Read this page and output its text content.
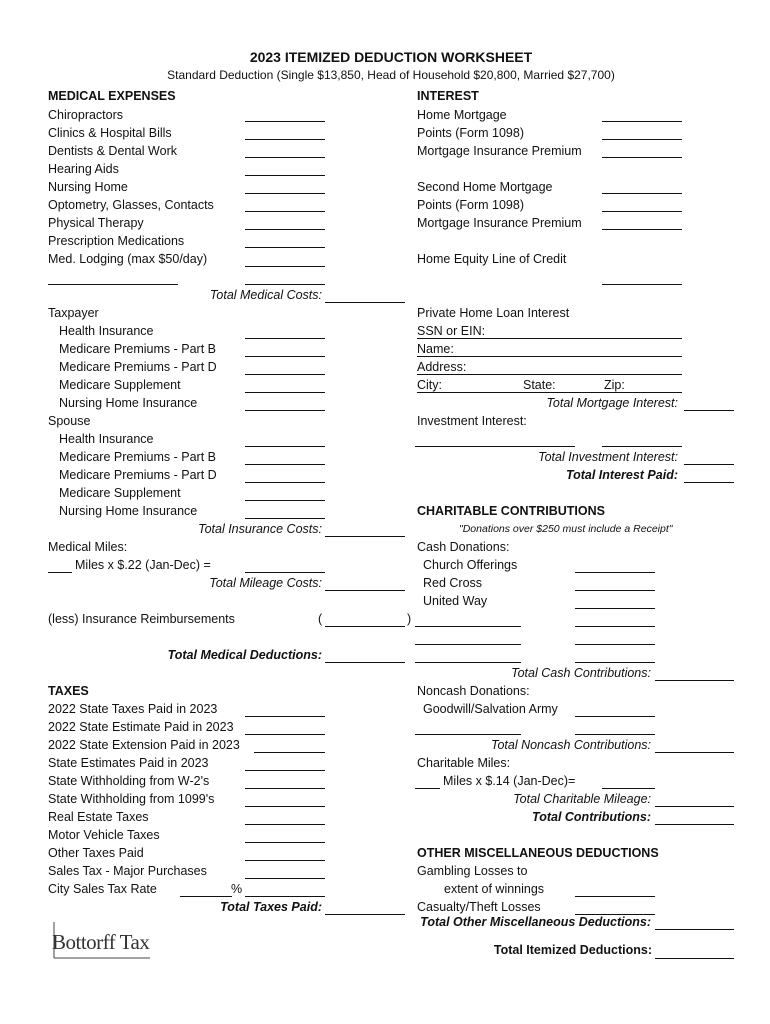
2023 ITEMIZED DEDUCTION WORKSHEET
Standard Deduction (Single $13,850, Head of Household $20,800, Married $27,700)
MEDICAL EXPENSES
Chiropractors
Clinics & Hospital Bills
Dentists & Dental Work
Hearing Aids
Nursing Home
Optometry, Glasses, Contacts
Physical Therapy
Prescription Medications
Med. Lodging (max $50/day)
Total Medical Costs:
Taxpayer
Health Insurance
Medicare Premiums - Part B
Medicare Premiums - Part D
Medicare Supplement
Nursing Home Insurance
Spouse
Health Insurance
Medicare Premiums - Part B
Medicare Premiums - Part D
Medicare Supplement
Nursing Home Insurance
Total Insurance Costs:
Medical Miles:
Miles x $.22 (Jan-Dec) =
Total Mileage Costs:
(less) Insurance Reimbursements	(	)
Total Medical Deductions:
TAXES
2022 State Taxes Paid in 2023
2022 State Estimate Paid in 2023
2022 State Extension Paid in 2023
State Estimates Paid in 2023
State Withholding from W-2's
State Withholding from 1099's
Real Estate Taxes
Motor Vehicle Taxes
Other Taxes Paid
Sales Tax - Major Purchases
City Sales Tax Rate	%
Total Taxes Paid:
Bottorff Tax
INTEREST
Home Mortgage
Points (Form 1098)
Mortgage Insurance Premium
Second Home Mortgage
Points (Form 1098)
Mortgage Insurance Premium
Home Equity Line of Credit
Private Home Loan Interest
SSN or EIN:
Name:
Address:
City:	State:	Zip:
Total Mortgage Interest:
Investment Interest:
Total Investment Interest:
Total Interest Paid:
CHARITABLE CONTRIBUTIONS
"Donations over $250 must include a Receipt"
Cash Donations:
Church Offerings
Red Cross
United Way
Total Cash Contributions:
Noncash Donations:
Goodwill/Salvation Army
Total Noncash Contributions:
Charitable Miles:
Miles x $.14 (Jan-Dec)=
Total Charitable Mileage:
Total Contributions:
OTHER MISCELLANEOUS DEDUCTIONS
Gambling Losses to
extent of winnings
Casualty/Theft Losses
Total Other Miscellaneous Deductions:
Total Itemized Deductions:
